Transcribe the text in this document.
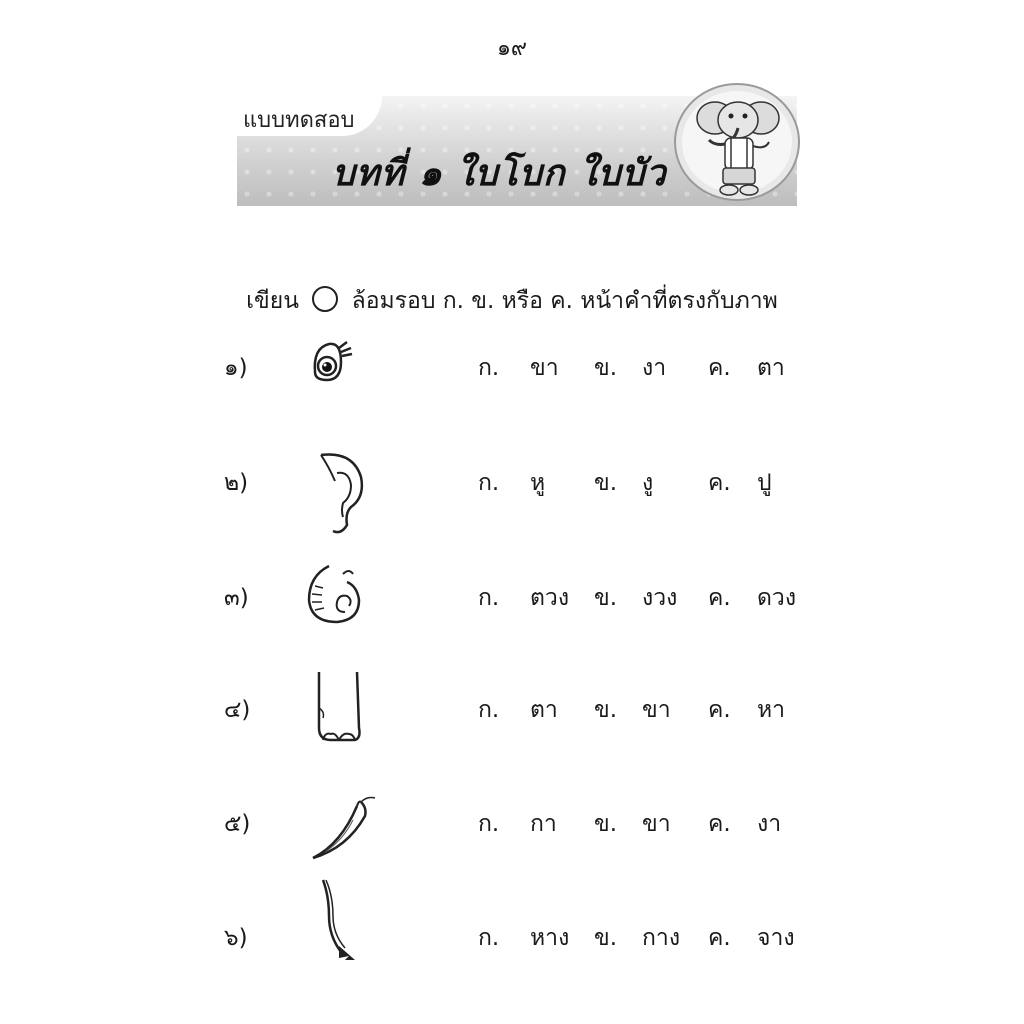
๑๙
แบบทดสอบ
บทที่ ๑ ใบโบก ใบบัว
เขียน ล้อมรอบ ก. ข. หรือ ค. หน้าคำที่ตรงกับภาพ
๑)	ก. ขา ข. งา ค. ตา
๒)	ก. หู ข. งู ค. ปู
๓)	ก. ตวง ข. งวง ค. ดวง
๔)	ก. ตา ข. ขา ค. หา
๕)	ก. กา ข. ขา ค. งา
๖)	ก. หาง ข. กาง ค. จาง
